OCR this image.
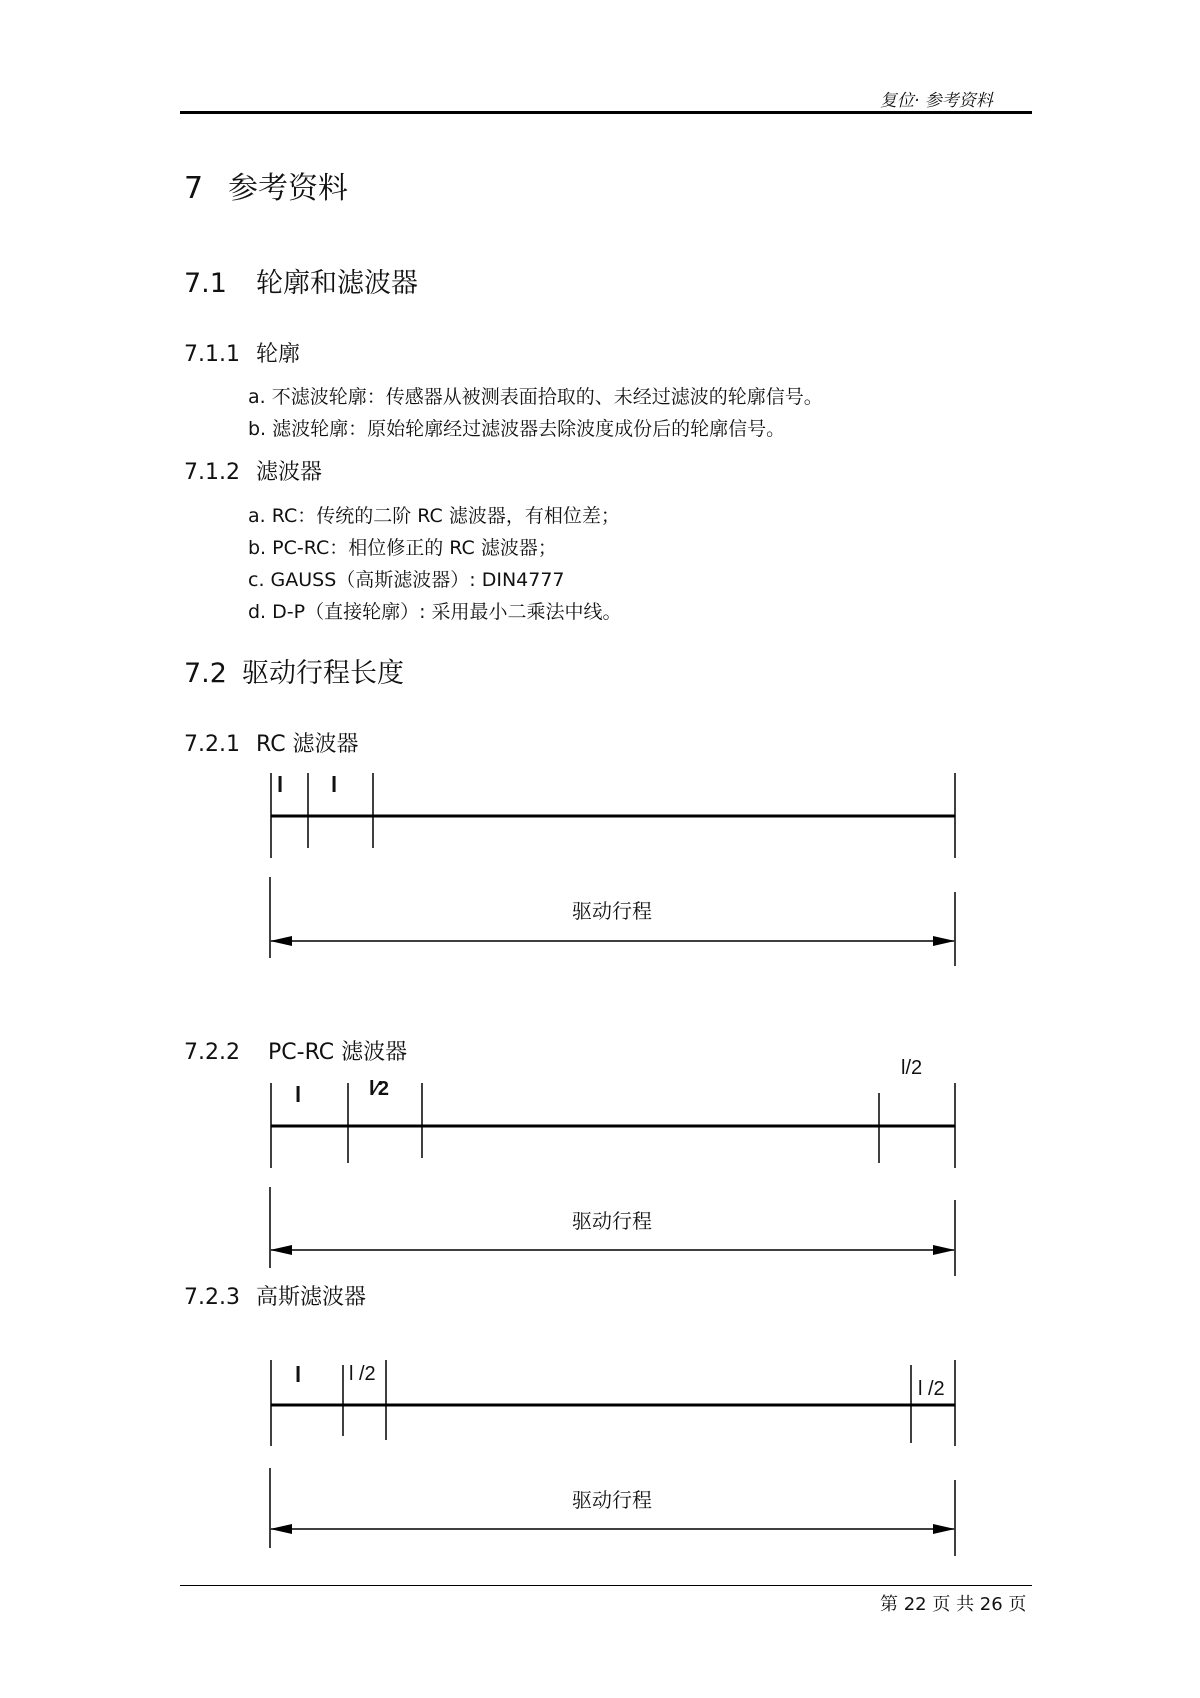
复位· 参考资料
7 参考资料
7.1 轮廓和滤波器
7.1.1 轮廓
a. 不滤波轮廓：传感器从被测表面拾取的、未经过滤波的轮廓信号。
b. 滤波轮廓：原始轮廓经过滤波器去除波度成份后的轮廓信号。
7.1.2 滤波器
a. RC：传统的二阶 RC 滤波器，有相位差；
b. PC-RC：相位修正的 RC 滤波器；
c. GAUSS（高斯滤波器）: DIN4777
d. D-P（直接轮廓）: 采用最小二乘法中线。
7.2 驱动行程长度
7.2.1 RC 滤波器
7.2.2 PC-RC 滤波器
7.2.3 高斯滤波器
l l
驱动行程
l	l⁄2
l/2
驱动行程
l l /2
l /2
驱动行程
第 22 页 共 26 页
